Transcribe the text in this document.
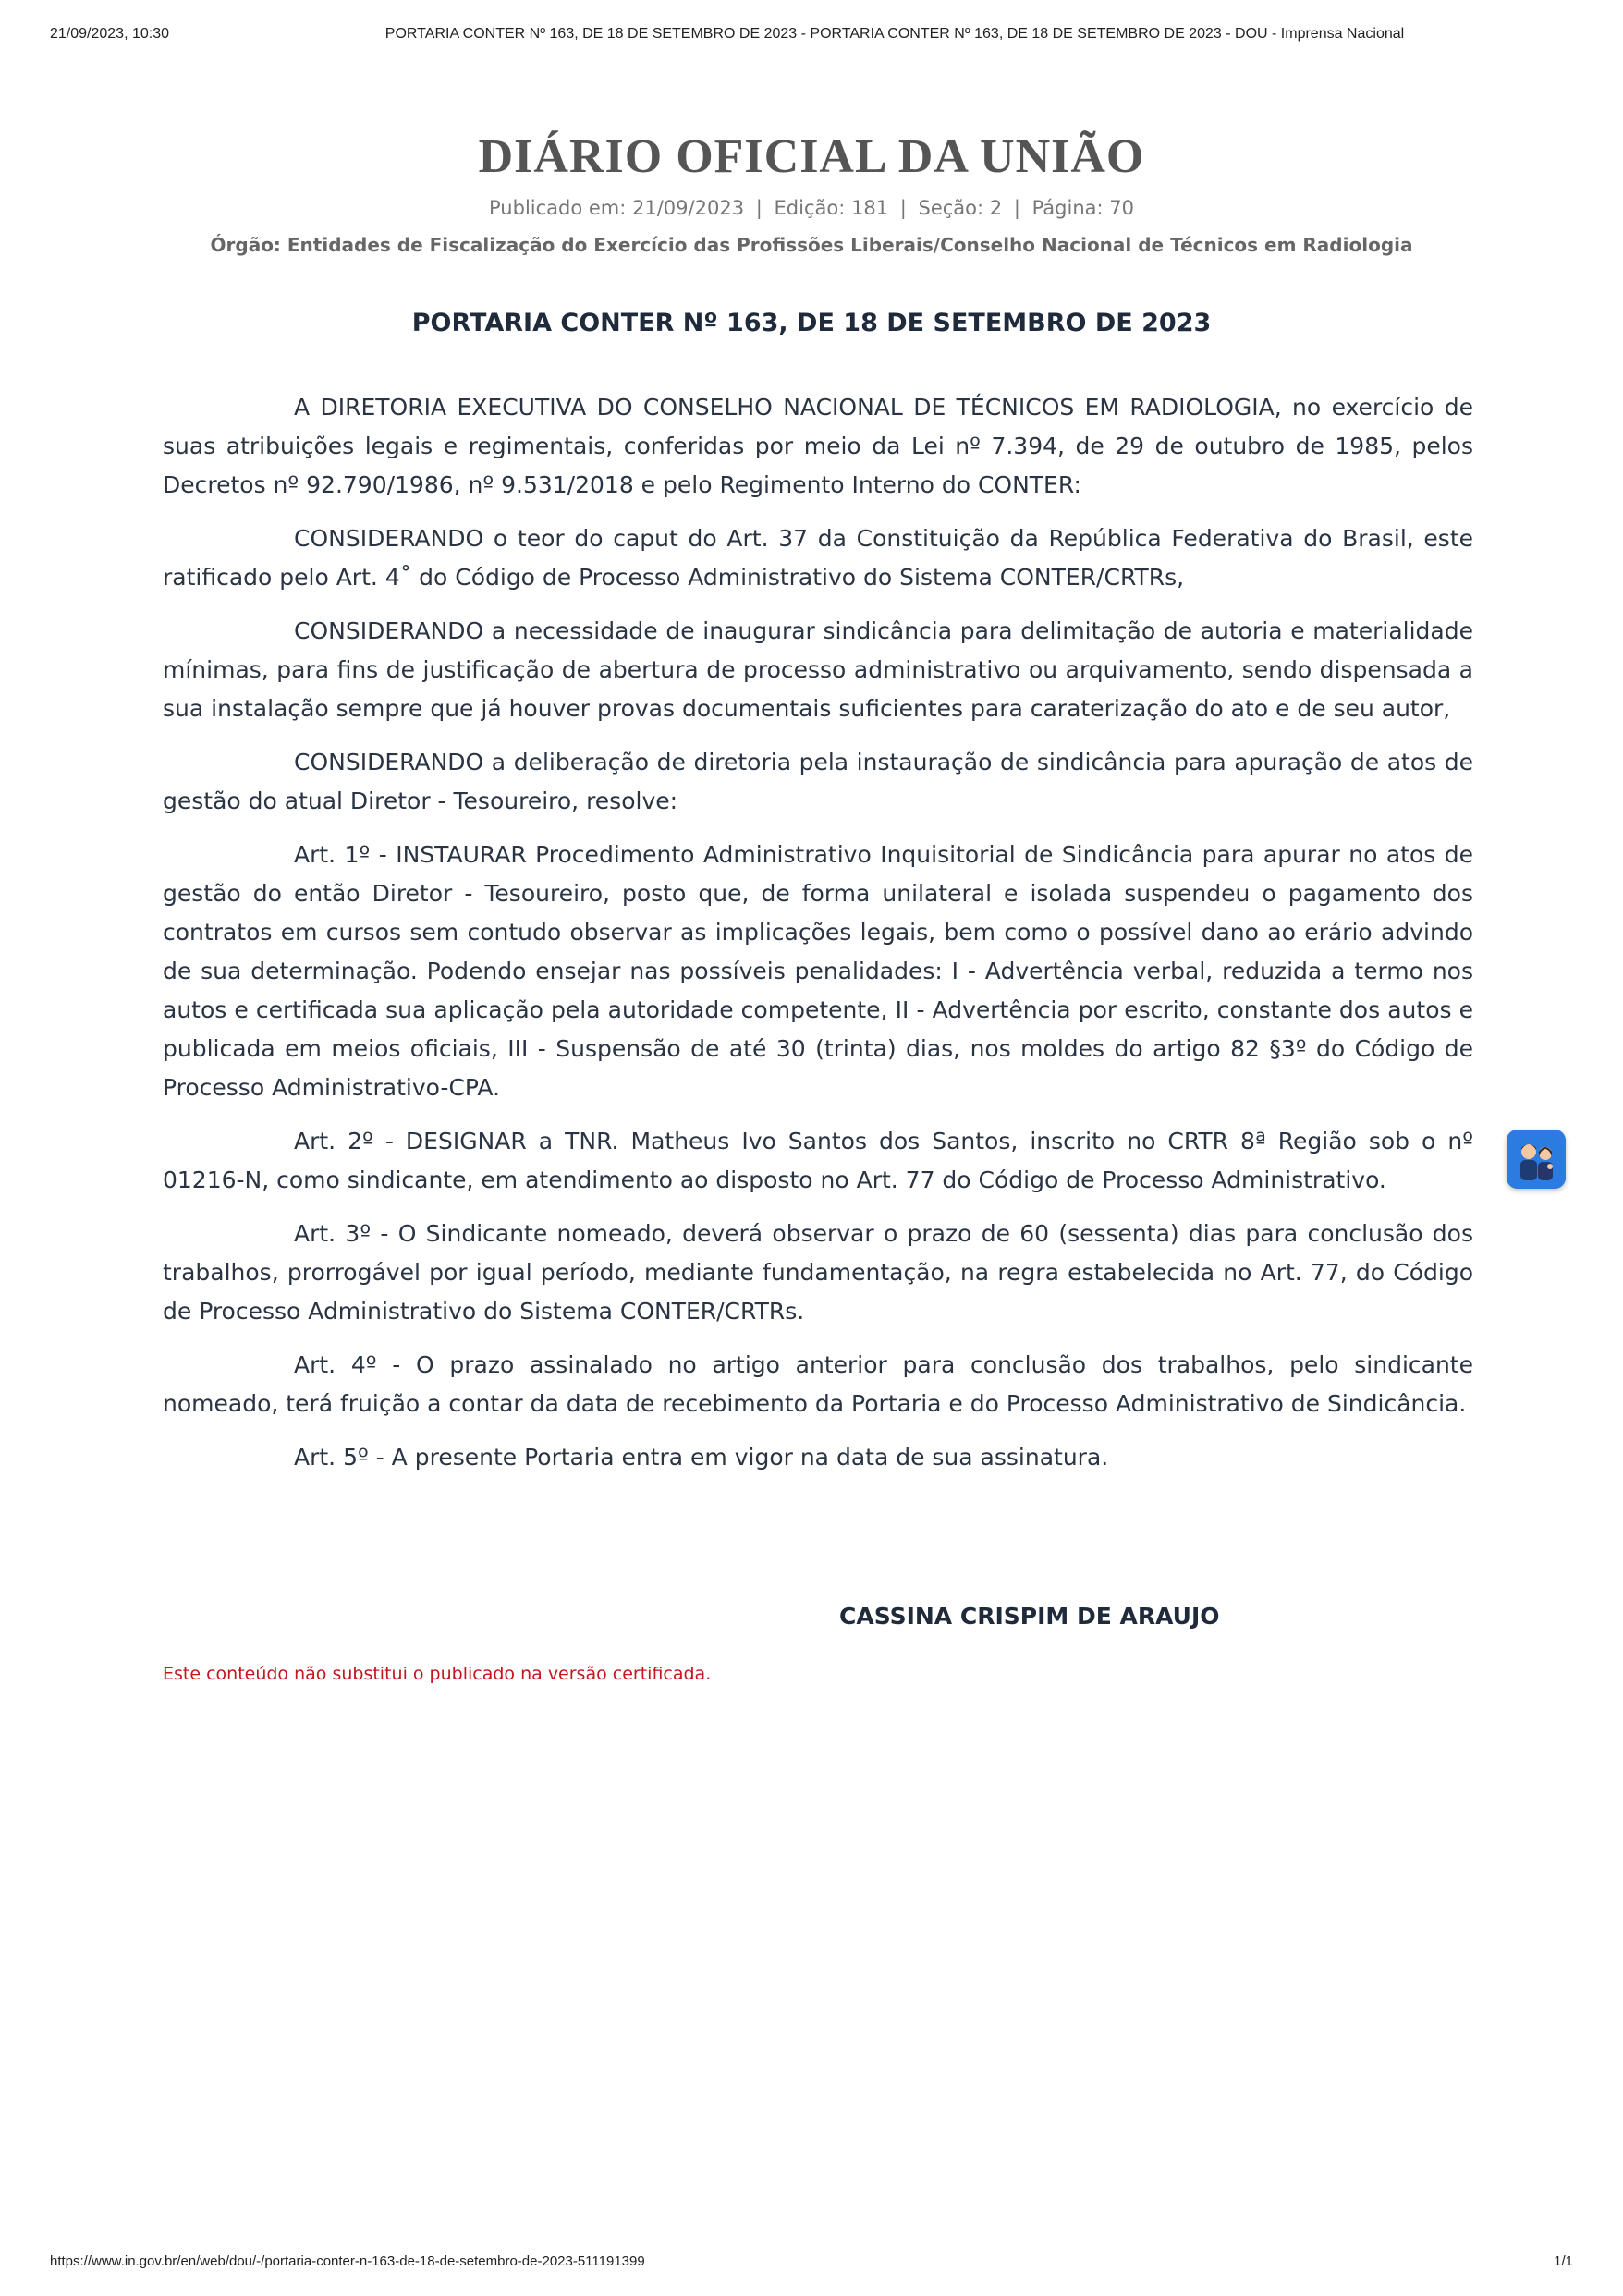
21/09/2023, 10:30	PORTARIA CONTER Nº 163, DE 18 DE SETEMBRO DE 2023 - PORTARIA CONTER Nº 163, DE 18 DE SETEMBRO DE 2023 - DOU - Imprensa Nacional
DIÁRIO OFICIAL DA UNIÃO
Publicado em: 21/09/2023 | Edição: 181 | Seção: 2 | Página: 70
Órgão: Entidades de Fiscalização do Exercício das Profissões Liberais/Conselho Nacional de Técnicos em Radiologia
PORTARIA CONTER Nº 163, DE 18 DE SETEMBRO DE 2023

A DIRETORIA EXECUTIVA DO CONSELHO NACIONAL DE TÉCNICOS EM RADIOLOGIA, no exercício de suas atribuições legais e regimentais, conferidas por meio da Lei nº 7.394, de 29 de outubro de 1985, pelos Decretos nº 92.790/1986, nº 9.531/2018 e pelo Regimento Interno do CONTER:

CONSIDERANDO o teor do caput do Art. 37 da Constituição da República Federativa do Brasil, este ratificado pelo Art. 4˚ do Código de Processo Administrativo do Sistema CONTER/CRTRs,

CONSIDERANDO a necessidade de inaugurar sindicância para delimitação de autoria e materialidade mínimas, para fins de justificação de abertura de processo administrativo ou arquivamento, sendo dispensada a sua instalação sempre que já houver provas documentais suficientes para caraterização do ato e de seu autor,

CONSIDERANDO a deliberação de diretoria pela instauração de sindicância para apuração de atos de gestão do atual Diretor - Tesoureiro, resolve:

Art. 1º - INSTAURAR Procedimento Administrativo Inquisitorial de Sindicância para apurar no atos de gestão do então Diretor - Tesoureiro, posto que, de forma unilateral e isolada suspendeu o pagamento dos contratos em cursos sem contudo observar as implicações legais, bem como o possível dano ao erário advindo de sua determinação. Podendo ensejar nas possíveis penalidades: I - Advertência verbal, reduzida a termo nos autos e certificada sua aplicação pela autoridade competente, II - Advertência por escrito, constante dos autos e publicada em meios oficiais, III - Suspensão de até 30 (trinta) dias, nos moldes do artigo 82 §3º do Código de Processo Administrativo-CPA.

Art. 2º - DESIGNAR a TNR. Matheus Ivo Santos dos Santos, inscrito no CRTR 8ª Região sob o nº 01216-N, como sindicante, em atendimento ao disposto no Art. 77 do Código de Processo Administrativo.

Art. 3º - O Sindicante nomeado, deverá observar o prazo de 60 (sessenta) dias para conclusão dos trabalhos, prorrogável por igual período, mediante fundamentação, na regra estabelecida no Art. 77, do Código de Processo Administrativo do Sistema CONTER/CRTRs.

Art. 4º - O prazo assinalado no artigo anterior para conclusão dos trabalhos, pelo sindicante nomeado, terá fruição a contar da data de recebimento da Portaria e do Processo Administrativo de Sindicância.

Art. 5º - A presente Portaria entra em vigor na data de sua assinatura.

CASSINA CRISPIM DE ARAUJO
Este conteúdo não substitui o publicado na versão certificada.
https://www.in.gov.br/en/web/dou/-/portaria-conter-n-163-de-18-de-setembro-de-2023-511191399	1/1
